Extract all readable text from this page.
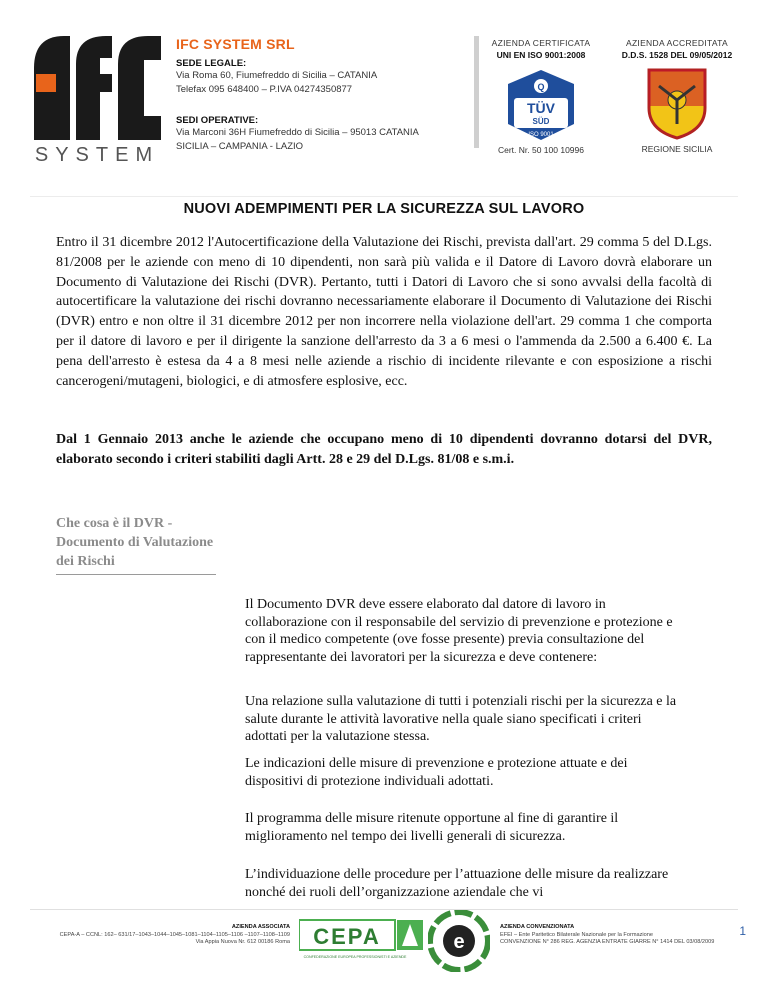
SYSTEM
IFC SYSTEM SRL
SEDE LEGALE:
Via Roma 60, Fiumefreddo di Sicilia – CATANIA
Telefax 095 648400 – P.IVA 04274350877
SEDI OPERATIVE:
Via Marconi 36H Fiumefreddo di Sicilia – 95013 CATANIA
SICILIA – CAMPANIA - LAZIO
AZIENDA CERTIFICATA
UNI EN ISO 9001:2008
Q
TÜV
SÜD
ISO 9001
Cert. Nr. 50 100 10996
AZIENDA ACCREDITATA
D.D.S. 1528 DEL 09/05/2012
REGIONE SICILIA
NUOVI ADEMPIMENTI PER LA SICUREZZA SUL LAVORO
Entro il 31 dicembre 2012 l'Autocertificazione della Valutazione dei Rischi, prevista dall'art. 29 comma 5 del D.Lgs. 81/2008 per le aziende con meno di 10 dipendenti, non sarà più valida e il Datore di Lavoro dovrà elaborare un Documento di Valutazione dei Rischi (DVR). Pertanto, tutti i Datori di Lavoro che si sono avvalsi della facoltà di autocertificare la valutazione dei rischi dovranno necessariamente elaborare il Documento di Valutazione dei Rischi (DVR) entro e non oltre il 31 dicembre 2012 per non incorrere nella violazione dell'art. 29 comma 1 che comporta per il datore di lavoro e per il dirigente la sanzione dell'arresto da 3 a 6 mesi o l'ammenda da 2.500 a 6.400 €. La pena dell'arresto è estesa da 4 a 8 mesi nelle aziende a rischio di incidente rilevante e con esposizione a rischi cancerogeni/mutageni, biologici, e di atmosfere esplosive, ecc.
Dal 1 Gennaio 2013 anche le aziende che occupano meno di 10 dipendenti dovranno dotarsi del DVR, elaborato secondo i criteri stabiliti dagli Artt. 28 e 29 del D.Lgs. 81/08 e s.m.i.
Che cosa è il DVR - Documento di Valutazione dei Rischi
Il Documento DVR deve essere elaborato dal datore di lavoro in collaborazione con il responsabile del servizio di prevenzione e protezione e con il medico competente (ove fosse presente) previa consultazione del rappresentante dei lavoratori per la sicurezza e deve contenere:
Una relazione sulla valutazione di tutti i potenziali rischi per la sicurezza e la salute durante le attività lavorative nella quale siano specificati i criteri adottati per la valutazione stessa.
Le indicazioni delle misure di prevenzione e protezione attuate e dei dispositivi di protezione individuali adottati.
Il programma delle misure ritenute opportune al fine di garantire il miglioramento nel tempo dei livelli generali di sicurezza.
L’individuazione delle procedure per l’attuazione delle misure da realizzare nonché dei ruoli dell’organizzazione aziendale che vi
AZIENDA ASSOCIATA
CEPA-A – CCNL: 162– 631/17–1043–1044–1045–1081–1104–1105–1106 –1107–1108–1109
Via Appia Nuova Nr. 612 00186 Roma CEPA
CONFEDERAZIONE EUROPEA PROFESSIONISTI E AZIENDE
e
AZIENDA CONVENZIONATA
EFEI – Ente Paritetico Bilaterale Nazionale per la Formazione
CONVENZIONE N° 286 REG. AGENZIA ENTRATE GIARRE N° 1414 DEL 03/08/2009
1
